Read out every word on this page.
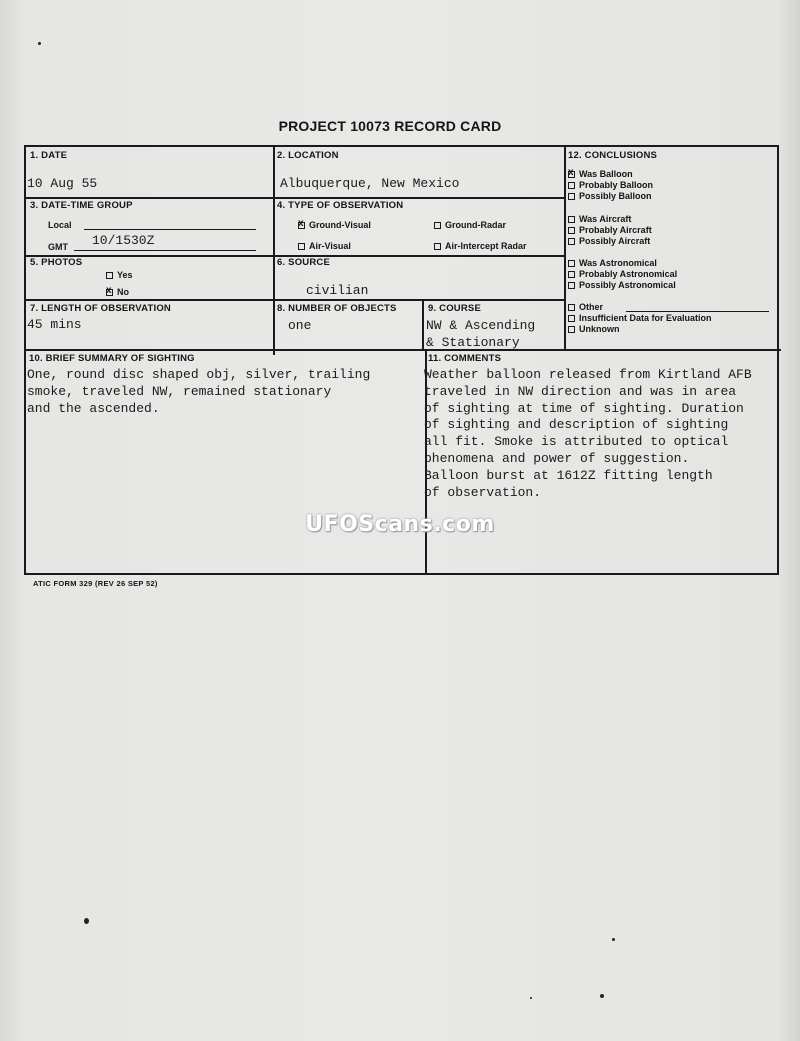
PROJECT 10073 RECORD CARD
1. DATE
10 Aug 55
2. LOCATION
Albuquerque, New Mexico
3. DATE-TIME GROUP
Local
GMT 10/1530Z
4. TYPE OF OBSERVATION
xGround-Visual	Ground-Radar
Air-Visual	Air-Intercept Radar
5. PHOTOS
Yes
xNo
6. SOURCE
civilian
7. LENGTH OF OBSERVATION
45 mins
8. NUMBER OF OBJECTS
one
9. COURSE
NW & Ascending
& Stationary
10. BRIEF SUMMARY OF SIGHTING
One, round disc shaped obj, silver, trailing
smoke, traveled NW, remained stationary
and the ascended.
11. COMMENTS
Weather balloon released from Kirtland AFB
traveled in NW direction and was in area
of sighting at time of sighting. Duration
of sighting and description of sighting
all fit. Smoke is attributed to optical
phenomena and power of suggestion.
Balloon burst at 1612Z fitting length
of observation.
12. CONCLUSIONS
xWas Balloon
Probably Balloon
Possibly Balloon
Was Aircraft
Probably Aircraft
Possibly Aircraft
Was Astronomical
Probably Astronomical
Possibly Astronomical
Other
Insufficient Data for Evaluation
Unknown
UFOScans.com
ATIC FORM 329 (REV 26 SEP 52)
